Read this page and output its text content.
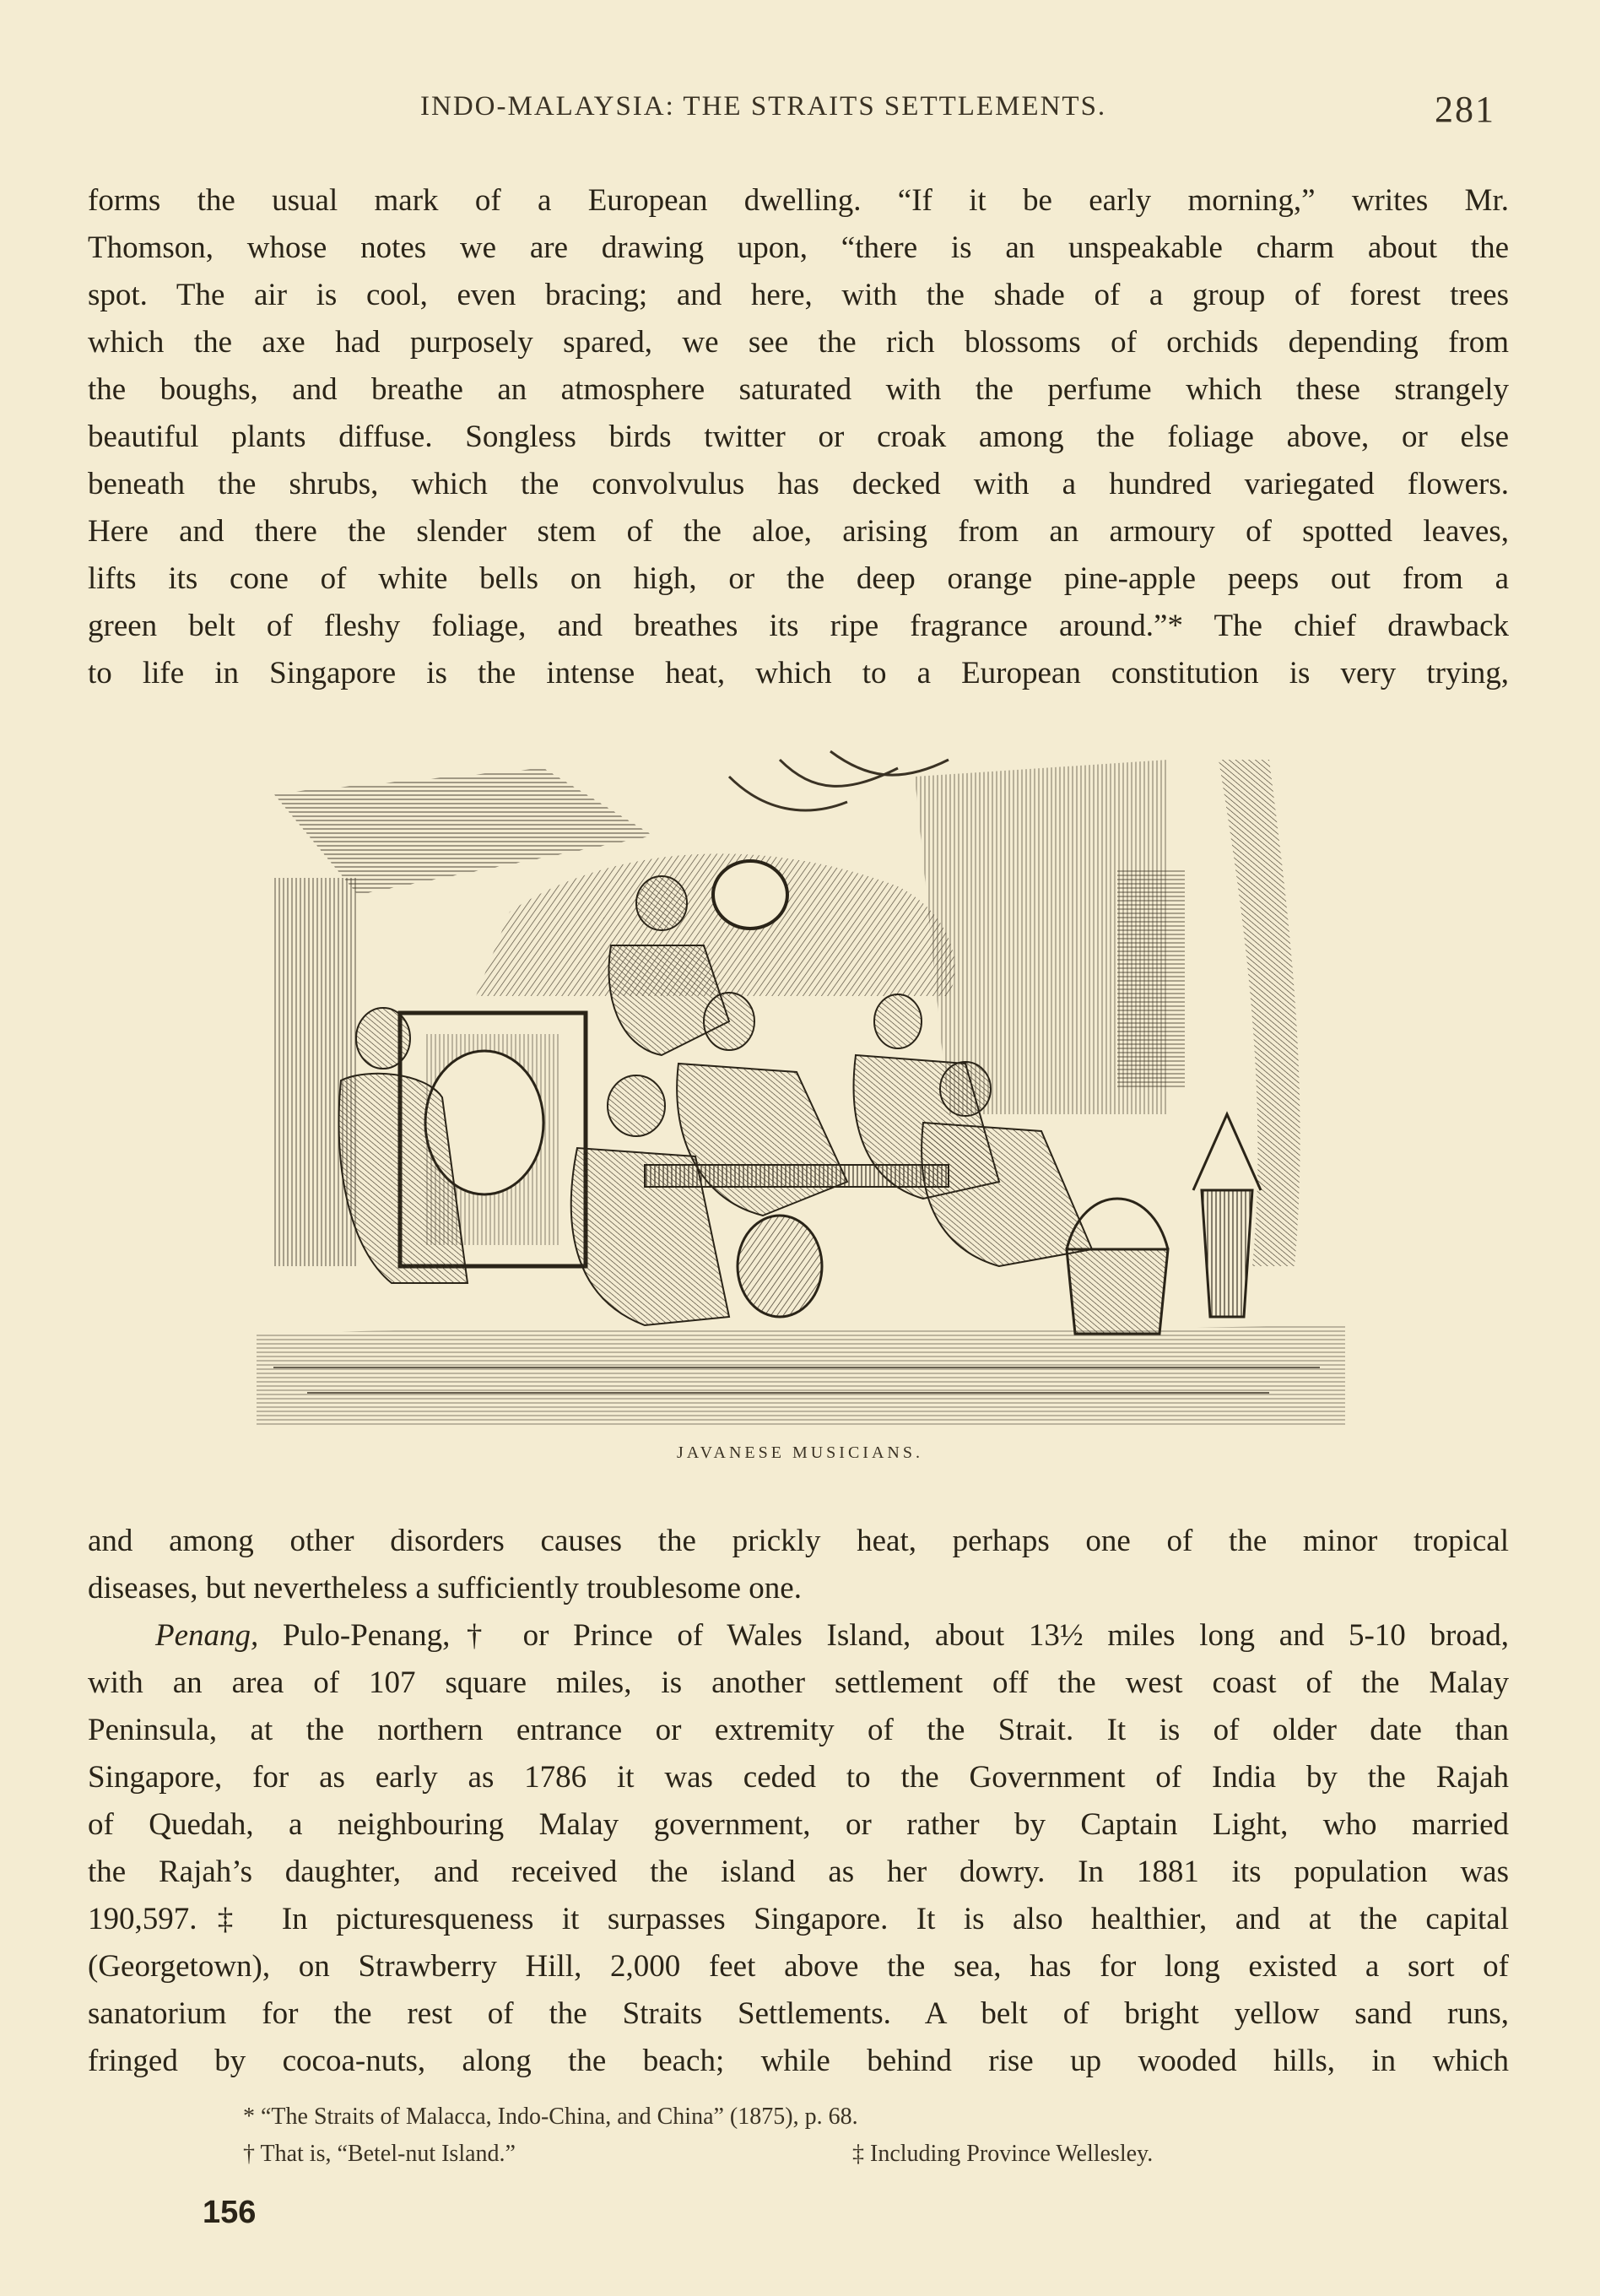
INDO-MALAYSIA: THE STRAITS SETTLEMENTS.	281

forms the usual mark of a European dwelling. “If it be early morning,” writes Mr.
Thomson, whose notes we are drawing upon, “there is an unspeakable charm about the
spot. The air is cool, even bracing; and here, with the shade of a group of forest trees
which the axe had purposely spared, we see the rich blossoms of orchids depending from
the boughs, and breathe an atmosphere saturated with the perfume which these strangely
beautiful plants diffuse. Songless birds twitter or croak among the foliage above, or else
beneath the shrubs, which the convolvulus has decked with a hundred variegated flowers.
Here and there the slender stem of the aloe, arising from an armoury of spotted leaves,
lifts its cone of white bells on high, or the deep orange pine-apple peeps out from a
green belt of fleshy foliage, and breathes its ripe fragrance around.”* The chief drawback
to life in Singapore is the intense heat, which to a European constitution is very trying,

JAVANESE MUSICIANS.

and among other disorders causes the prickly heat, perhaps one of the minor tropical
diseases, but nevertheless a sufficiently troublesome one.
Penang, Pulo-Penang,† or Prince of Wales Island, about 13½ miles long and 5-10 broad,
with an area of 107 square miles, is another settlement off the west coast of the Malay
Peninsula, at the northern entrance or extremity of the Strait. It is of older date than
Singapore, for as early as 1786 it was ceded to the Government of India by the Rajah
of Quedah, a neighbouring Malay government, or rather by Captain Light, who married
the Rajah’s daughter, and received the island as her dowry. In 1881 its population was
190,597.‡ In picturesqueness it surpasses Singapore. It is also healthier, and at the capital
(Georgetown), on Strawberry Hill, 2,000 feet above the sea, has for long existed a sort of
sanatorium for the rest of the Straits Settlements. A belt of bright yellow sand runs,
fringed by cocoa-nuts, along the beach; while behind rise up wooded hills, in which

* “The Straits of Malacca, Indo-China, and China” (1875), p. 68.
† That is, “Betel-nut Island.”	‡ Including Province Wellesley.
156
